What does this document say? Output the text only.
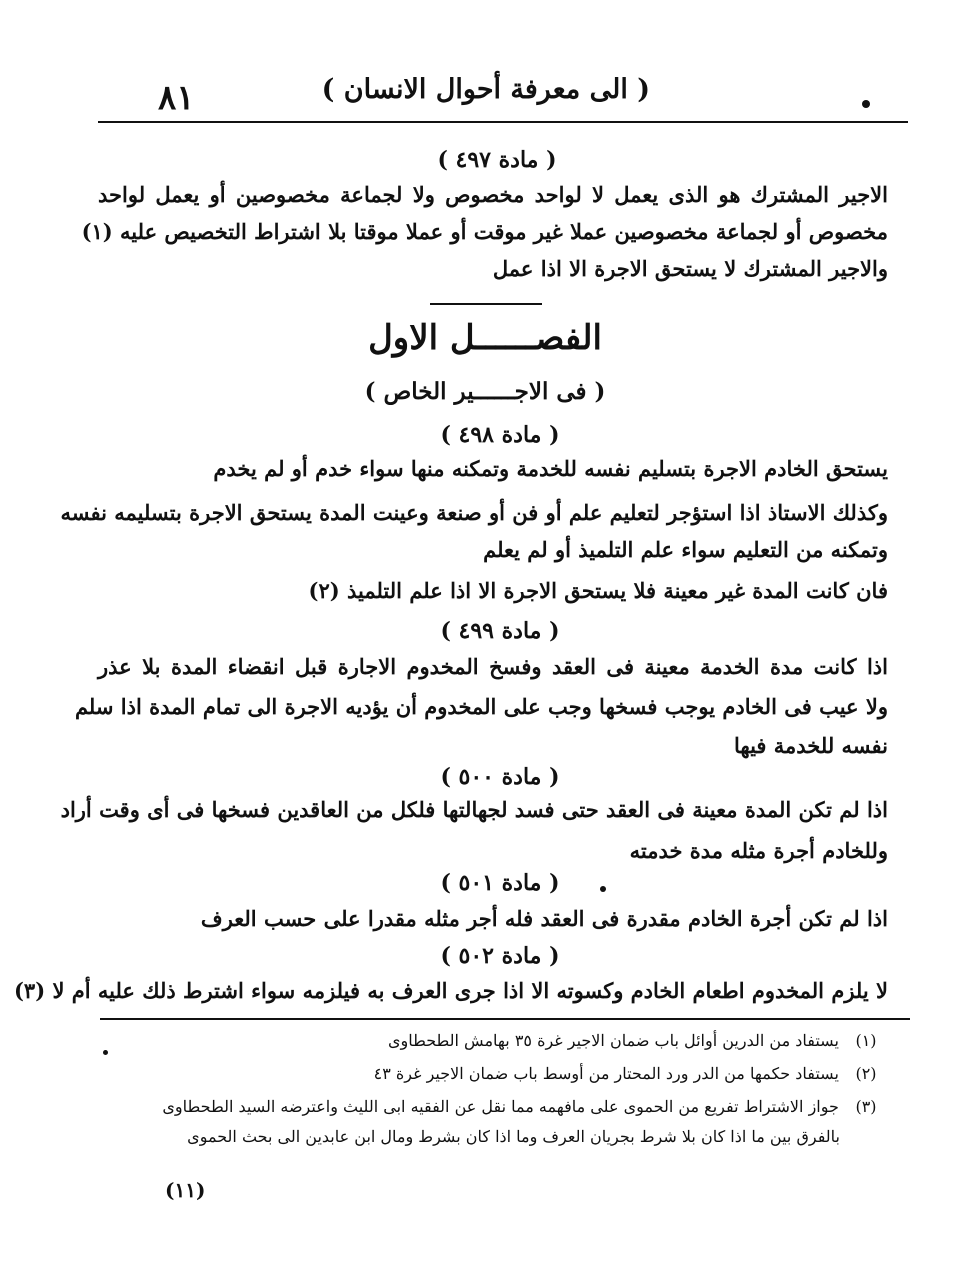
٨١	( الى معرفة أحوال الانسان )
( مادة ٤٩٧ )
الاجير المشترك هو الذى يعمل لا لواحد مخصوص ولا لجماعة مخصوصين أو يعمل لواحد
مخصوص أو لجماعة مخصوصين عملا غير موقت أو عملا موقتا بلا اشتراط التخصيص عليه (١)
والاجير المشترك لا يستحق الاجرة الا اذا عمل
الفصــــــل الاول
( فى الاجــــــير الخاص )
( مادة ٤٩٨ )
يستحق الخادم الاجرة بتسليم نفسه للخدمة وتمكنه منها سواء خدم أو لم يخدم
وكذلك الاستاذ اذا استؤجر لتعليم علم أو فن أو صنعة وعينت المدة يستحق الاجرة بتسليمه نفسه
وتمكنه من التعليم سواء علم التلميذ أو لم يعلم
فان كانت المدة غير معينة فلا يستحق الاجرة الا اذا علم التلميذ (٢)
( مادة ٤٩٩ )
اذا كانت مدة الخدمة معينة فى العقد وفسخ المخدوم الاجارة قبل انقضاء المدة بلا عذر
ولا عيب فى الخادم يوجب فسخها وجب على المخدوم أن يؤديه الاجرة الى تمام المدة اذا سلم
نفسه للخدمة فيها
( مادة ٥٠٠ )
اذا لم تكن المدة معينة فى العقد حتى فسد لجهالتها فلكل من العاقدين فسخها فى أى وقت أراد
وللخادم أجرة مثله مدة خدمته
( مادة ٥٠١ )
اذا لم تكن أجرة الخادم مقدرة فى العقد فله أجر مثله مقدرا على حسب العرف
( مادة ٥٠٢ )
لا يلزم المخدوم اطعام الخادم وكسوته الا اذا جرى العرف به فيلزمه سواء اشترط ذلك عليه أم لا (٣)
(١) يستفاد من الدرين أوائل باب ضمان الاجير غرة ٣٥ بهامش الطحطاوى
(٢) يستفاد حكمها من الدر ورد المحتار من أوسط باب ضمان الاجير غرة ٤٣
(٣) جواز الاشتراط تفريع من الحموى على مافهمه مما نقل عن الفقيه ابى الليث واعترضه السيد الطحطاوى
بالفرق بين ما اذا كان بلا شرط بجريان العرف وما اذا كان بشرط ومال ابن عابدين الى بحث الحموى
(١١)
